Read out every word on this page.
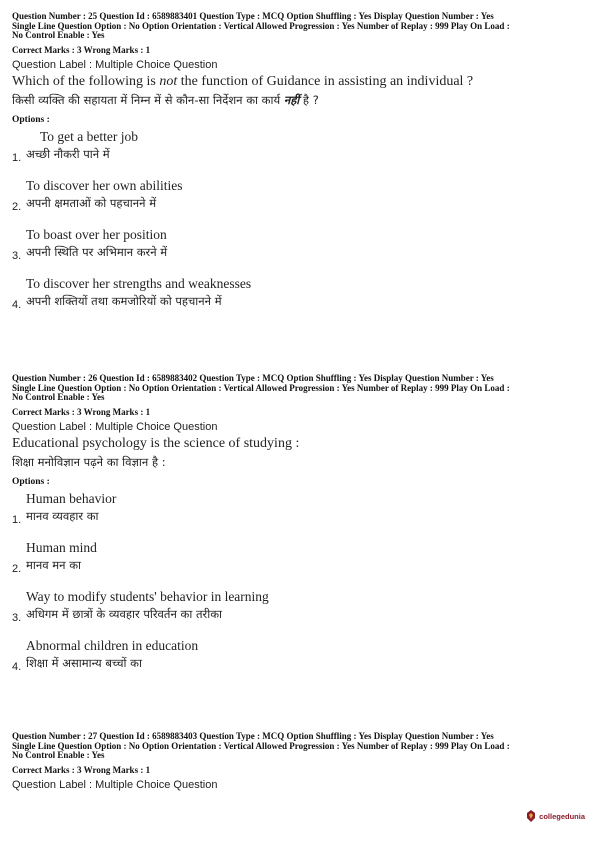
Question Number : 25 Question Id : 6589883401 Question Type : MCQ Option Shuffling : Yes Display Question Number : Yes
Single Line Question Option : No Option Orientation : Vertical Allowed Progression : Yes Number of Replay : 999 Play On Load :
No Control Enable : Yes
Correct Marks : 3 Wrong Marks : 1
Question Label : Multiple Choice Question
Which of the following is not the function of Guidance in assisting an individual ?
किसी व्यक्ति की सहायता में निम्न में से कौन-सा निर्देशन का कार्य नहीं है ?
Options :
To get a better job
अच्छी नौकरी पाने में
1.
To discover her own abilities
अपनी क्षमताओं को पहचानने में
2.
To boast over her position
अपनी स्थिति पर अभिमान करने में
3.
To discover her strengths and weaknesses
अपनी शक्तियों तथा कमजोरियों को पहचानने में
4.
Question Number : 26 Question Id : 6589883402 Question Type : MCQ Option Shuffling : Yes Display Question Number : Yes
Single Line Question Option : No Option Orientation : Vertical Allowed Progression : Yes Number of Replay : 999 Play On Load :
No Control Enable : Yes
Correct Marks : 3 Wrong Marks : 1
Question Label : Multiple Choice Question
Educational psychology is the science of studying :
शिक्षा मनोविज्ञान पढ़ने का विज्ञान है :
Options :
Human behavior
मानव व्यवहार का
1.
Human mind
मानव मन का
2.
Way to modify students' behavior in learning
अधिगम में छात्रों के व्यवहार परिवर्तन का तरीका
3.
Abnormal children in education
शिक्षा में असामान्य बच्चों का
4.
Question Number : 27 Question Id : 6589883403 Question Type : MCQ Option Shuffling : Yes Display Question Number : Yes
Single Line Question Option : No Option Orientation : Vertical Allowed Progression : Yes Number of Replay : 999 Play On Load :
No Control Enable : Yes
Correct Marks : 3 Wrong Marks : 1
Question Label : Multiple Choice Question
collegedunia
